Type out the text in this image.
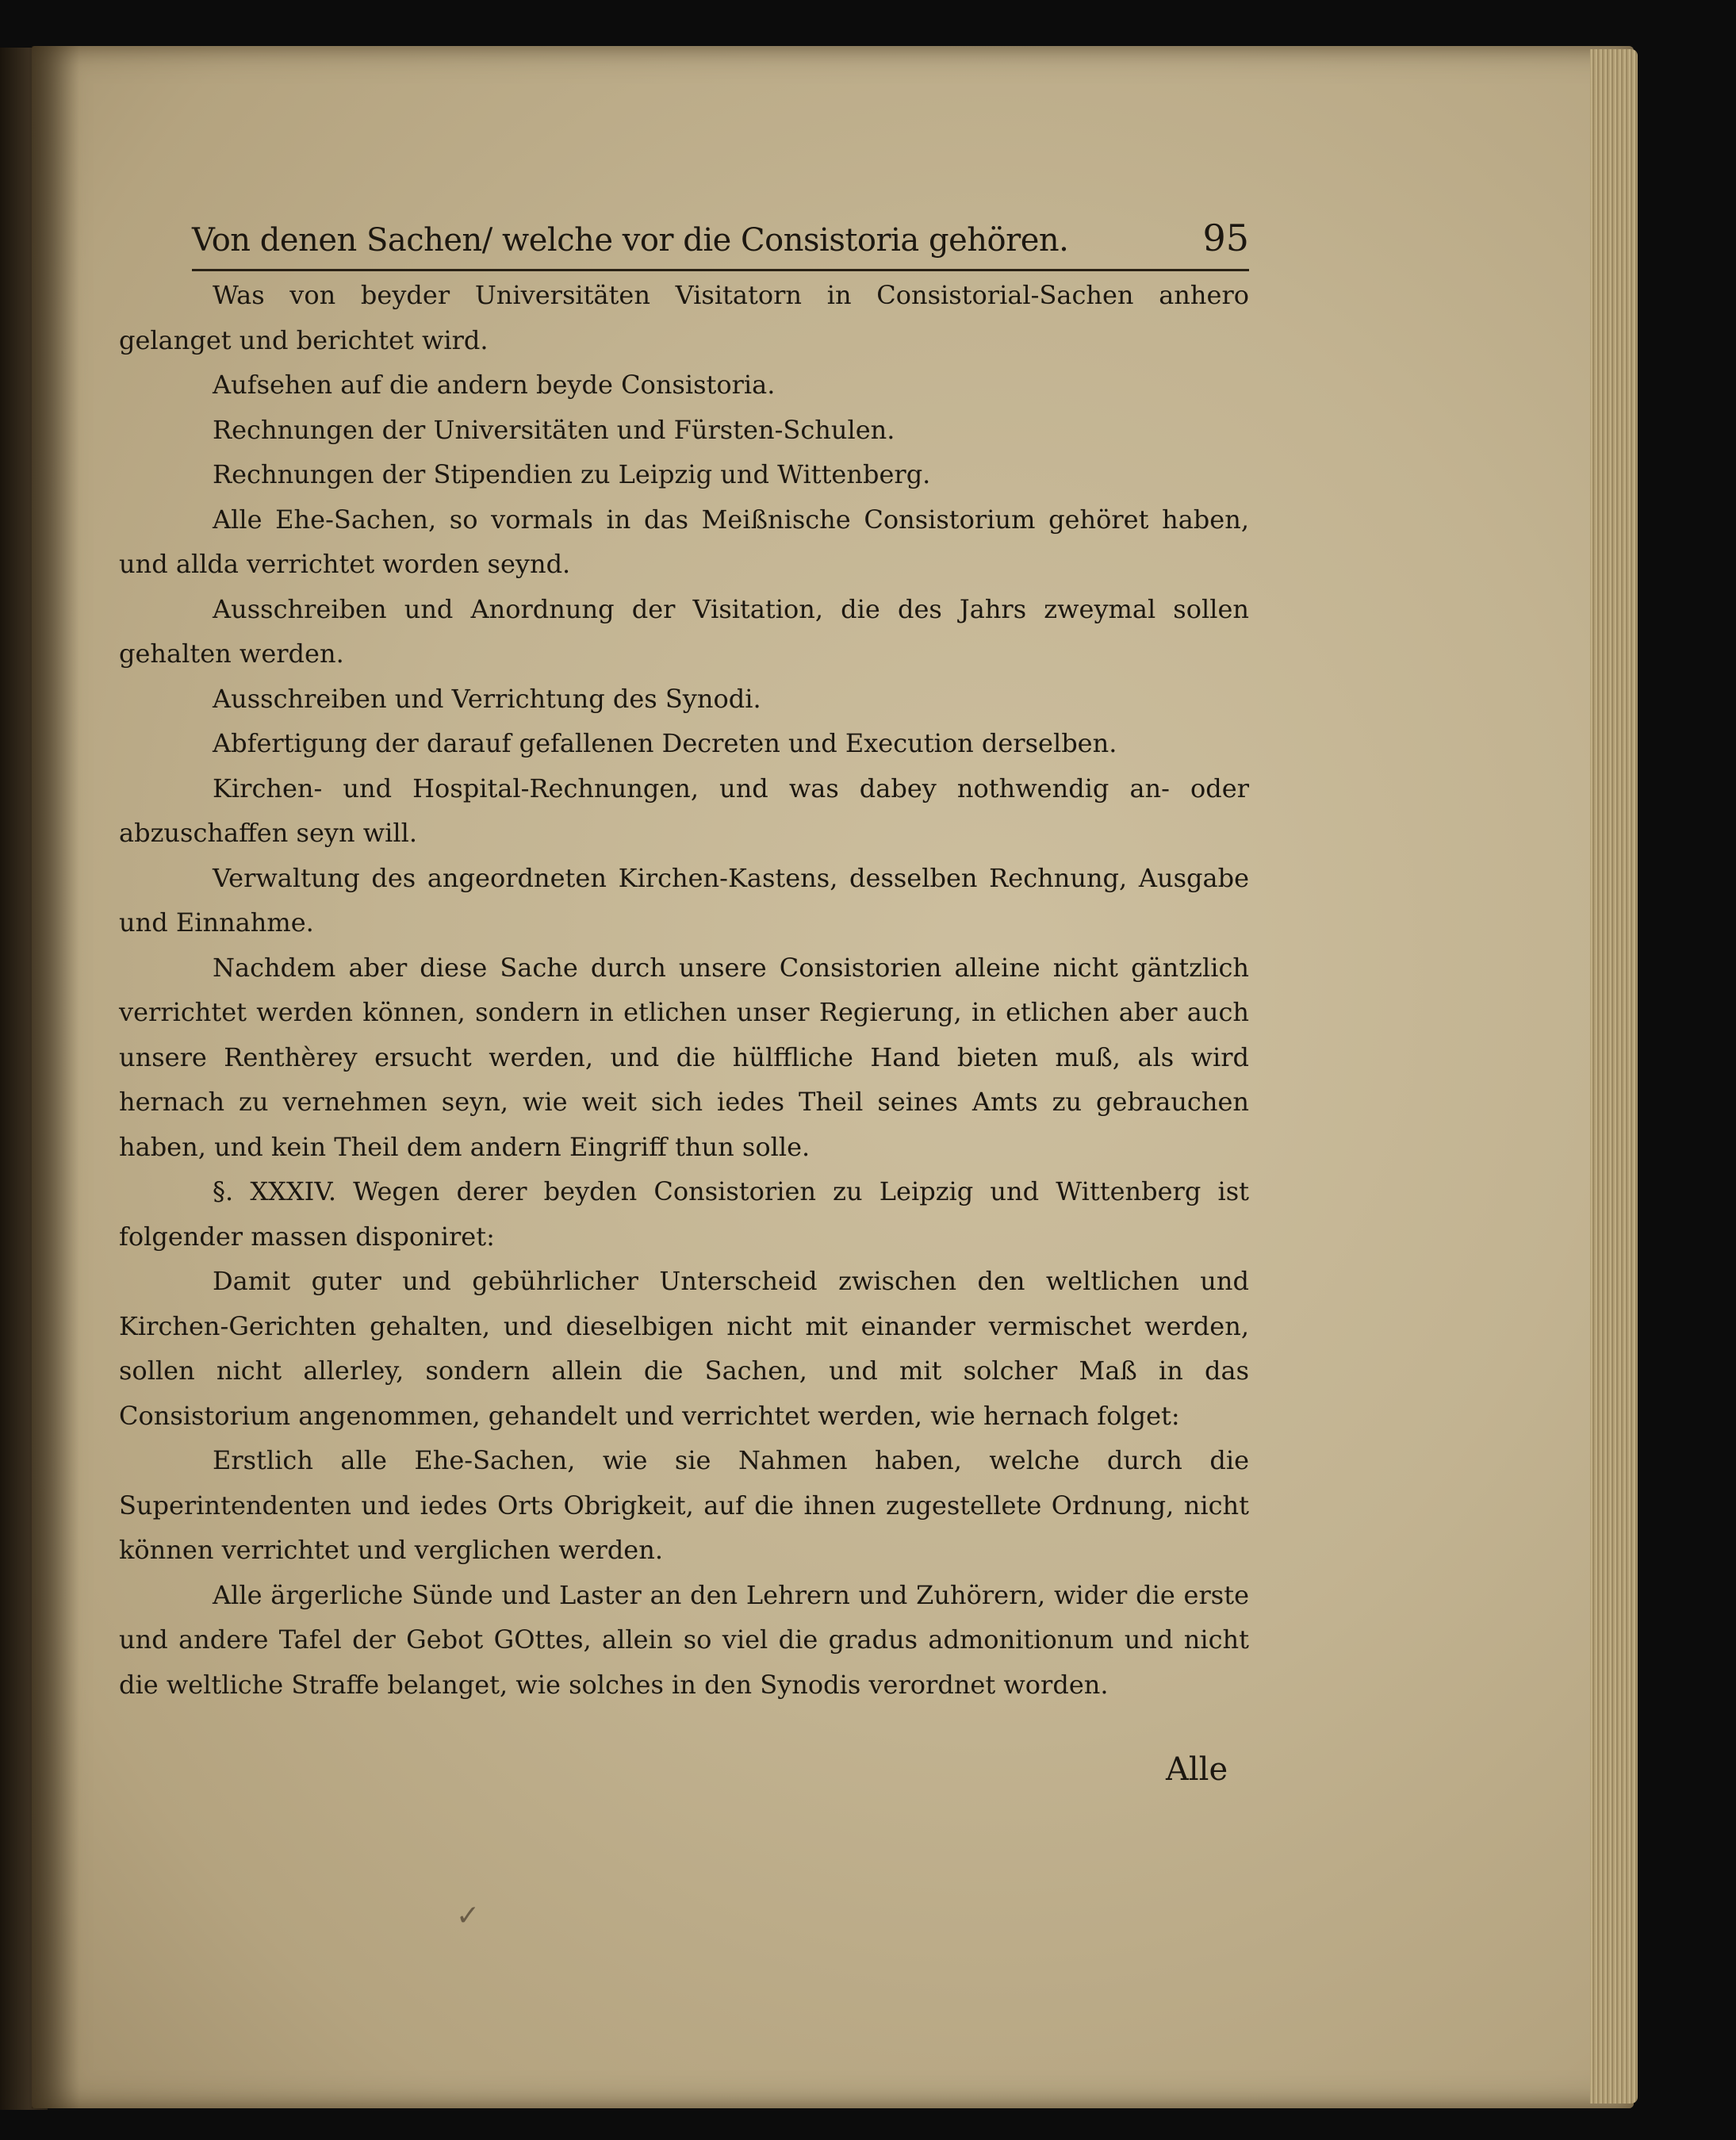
Von denen Sachen/ welche vor die Consistoria gehören.	95

Was von beyder Universitäten Visitatorn in Consistorial-Sachen anhero gelanget und berichtet wird.

Aufsehen auf die andern beyde Consistoria.

Rechnungen der Universitäten und Fürsten-Schulen.

Rechnungen der Stipendien zu Leipzig und Wittenberg.

Alle Ehe-Sachen, so vormals in das Meißnische Consistorium gehöret haben, und allda verrichtet worden seynd.

Ausschreiben und Anordnung der Visitation, die des Jahrs zweymal sollen gehalten werden.

Ausschreiben und Verrichtung des Synodi.

Abfertigung der darauf gefallenen Decreten und Execution derselben.

Kirchen- und Hospital-Rechnungen, und was dabey nothwendig an- oder abzuschaffen seyn will.

Verwaltung des angeordneten Kirchen-Kastens, desselben Rechnung, Ausgabe und Einnahme.

Nachdem aber diese Sache durch unsere Consistorien alleine nicht gäntzlich verrichtet werden können, sondern in etlichen unser Regierung, in etlichen aber auch unsere Renthèrey ersucht werden, und die hülffliche Hand bieten muß, als wird hernach zu vernehmen seyn, wie weit sich iedes Theil seines Amts zu gebrauchen haben, und kein Theil dem andern Eingriff thun solle.

§. XXXIV. Wegen derer beyden Consistorien zu Leipzig und Wittenberg ist folgender massen disponiret:

Damit guter und gebührlicher Unterscheid zwischen den weltlichen und Kirchen-Gerichten gehalten, und dieselbigen nicht mit einander vermischet werden, sollen nicht allerley, sondern allein die Sachen, und mit solcher Maß in das Consistorium angenommen, gehandelt und verrichtet werden, wie hernach folget:

Erstlich alle Ehe-Sachen, wie sie Nahmen haben, welche durch die Superintendenten und iedes Orts Obrigkeit, auf die ihnen zugestellete Ordnung, nicht können verrichtet und verglichen werden.

Alle ärgerliche Sünde und Laster an den Lehrern und Zuhörern, wider die erste und andere Tafel der Gebot GOttes, allein so viel die gradus admonitionum und nicht die weltliche Straffe belanget, wie solches in den Synodis verordnet worden.

Alle
✓
